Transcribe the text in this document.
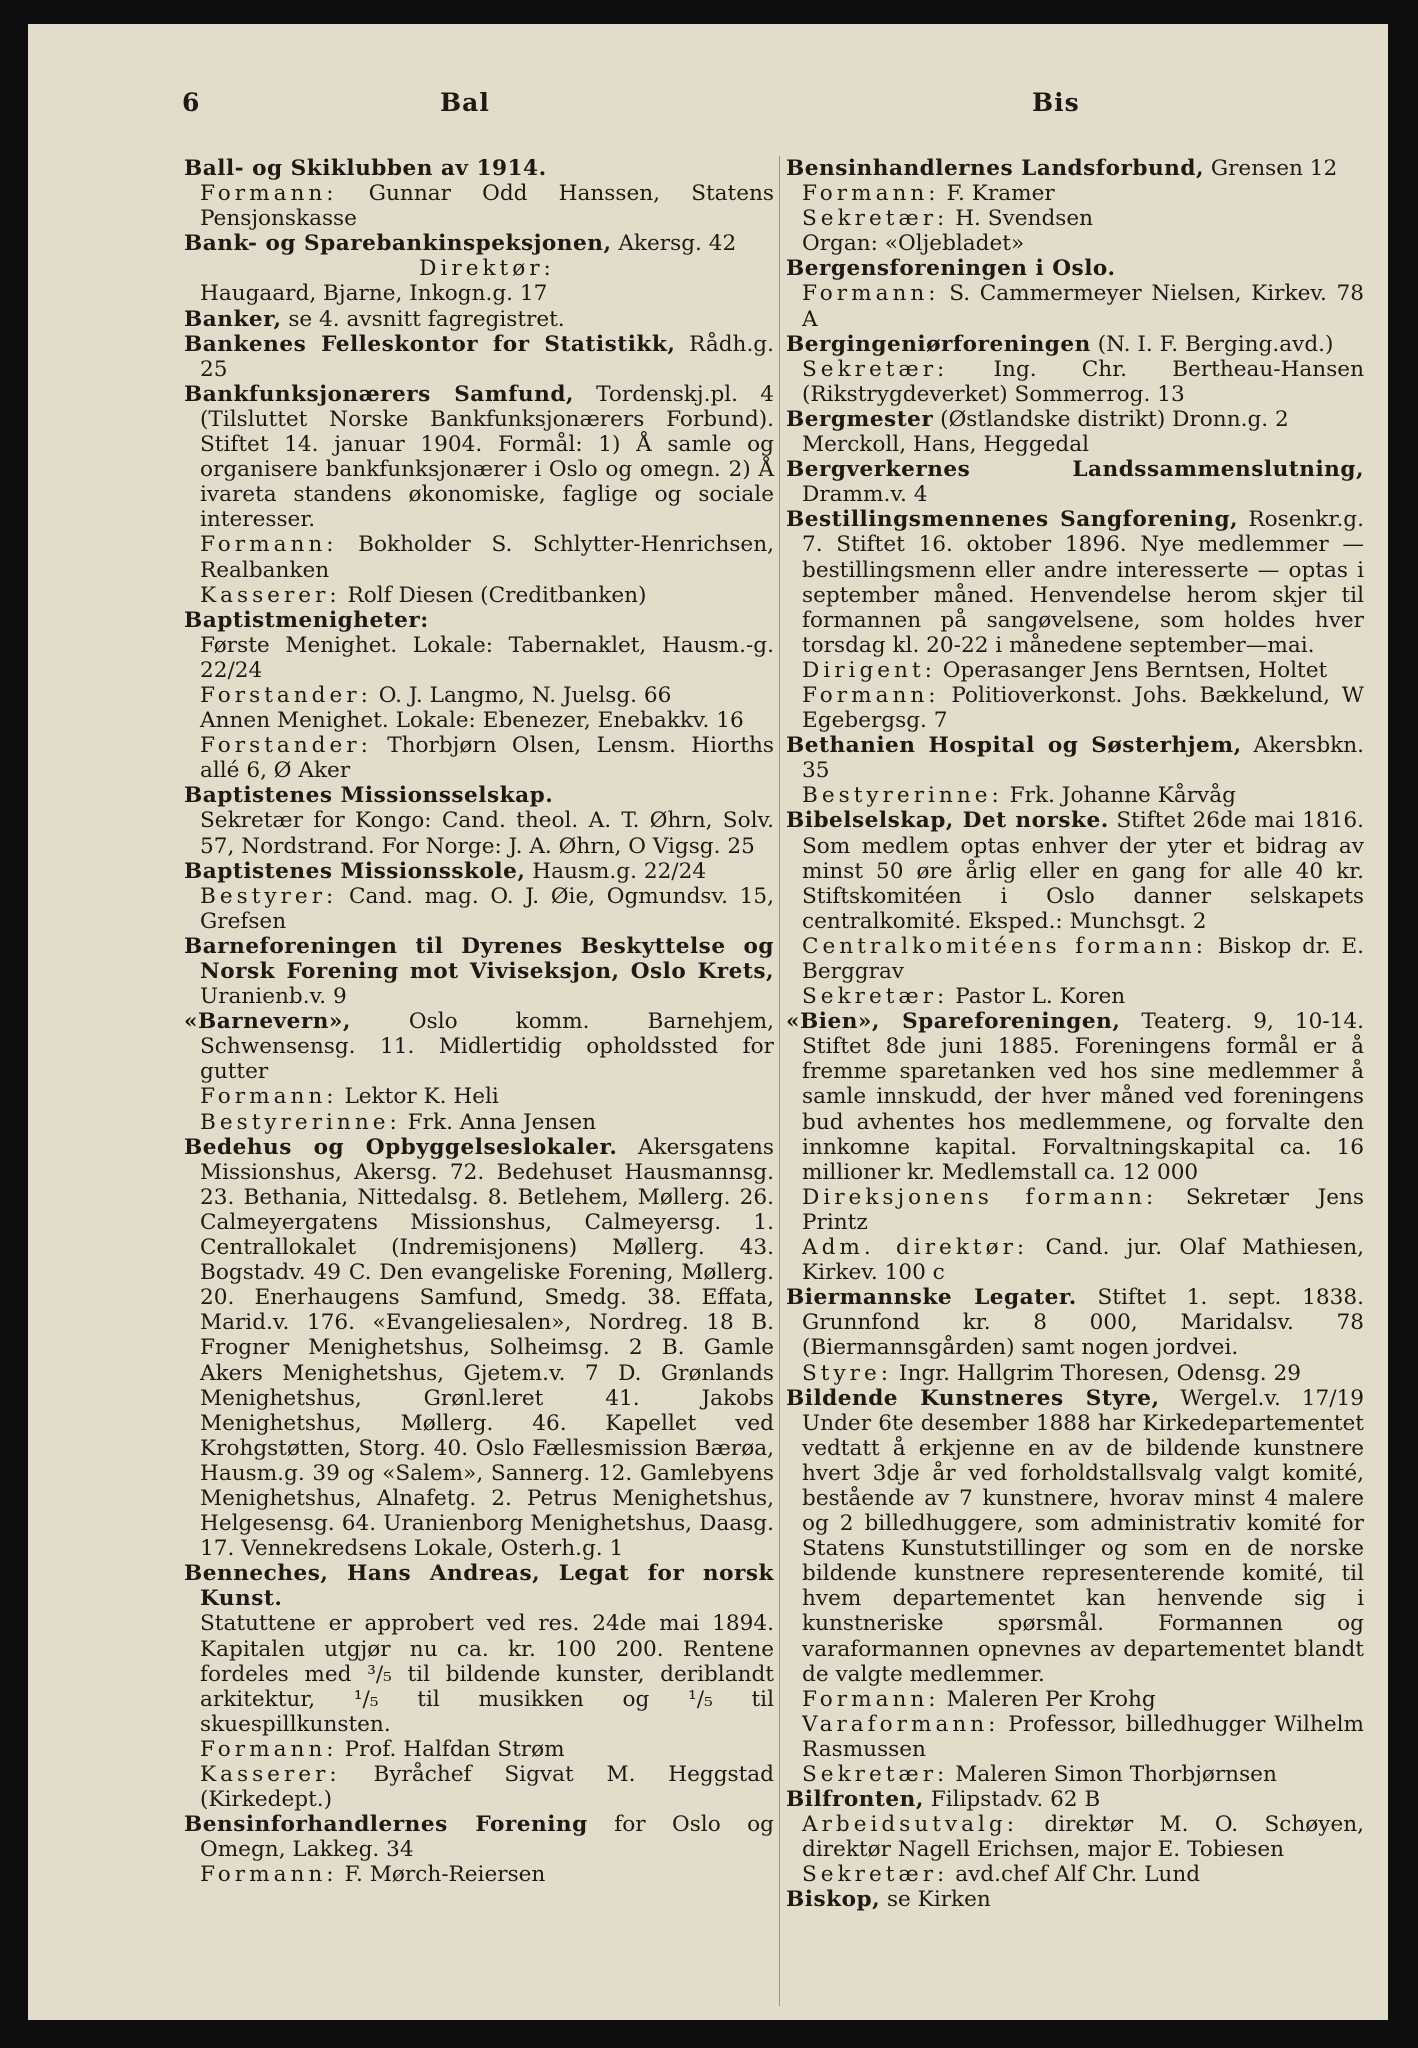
6	Bal	Bis

Ball- og Skiklubben av 1914.

Formann: Gunnar Odd Hanssen, Statens Pensjonskasse

Bank- og Sparebankinspeksjonen, Akersg. 42

Direktør:

Haugaard, Bjarne, Inkogn.g. 17

Banker, se 4. avsnitt fagregistret.

Bankenes Felleskontor for Statistikk, Rådh.g. 25

Bankfunksjonærers Samfund, Tordenskj.pl. 4 (Tilsluttet Norske Bankfunksjonærers Forbund). Stiftet 14. januar 1904. Formål: 1) Å samle og organisere bankfunksjonærer i Oslo og omegn. 2) Å ivareta standens økonomiske, faglige og sociale interesser.

Formann: Bokholder S. Schlytter-Henrichsen, Realbanken

Kasserer: Rolf Diesen (Creditbanken)

Baptistmenigheter:

Første Menighet. Lokale: Tabernaklet, Hausm.-g. 22/24

Forstander: O. J. Langmo, N. Juelsg. 66

Annen Menighet. Lokale: Ebenezer, Enebakkv. 16

Forstander: Thorbjørn Olsen, Lensm. Hiorths allé 6, Ø Aker

Baptistenes Missionsselskap.

Sekretær for Kongo: Cand. theol. A. T. Øhrn, Solv. 57, Nordstrand. For Norge: J. A. Øhrn, O Vigsg. 25

Baptistenes Missionsskole, Hausm.g. 22/24

Bestyrer: Cand. mag. O. J. Øie, Ogmundsv. 15, Grefsen

Barneforeningen til Dyrenes Beskyttelse og Norsk Forening mot Viviseksjon, Oslo Krets, Uranienb.v. 9

«Barnevern», Oslo komm. Barnehjem, Schwensensg. 11. Midlertidig opholdssted for gutter

Formann: Lektor K. Heli

Bestyrerinne: Frk. Anna Jensen

Bedehus og Opbyggelseslokaler. Akersgatens Missionshus, Akersg. 72. Bedehuset Hausmannsg. 23. Bethania, Nittedalsg. 8. Betlehem, Møllerg. 26. Calmeyergatens Missionshus, Calmeyersg. 1. Centrallokalet (Indremisjonens) Møllerg. 43. Bogstadv. 49 C. Den evangeliske Forening, Møllerg. 20. Enerhaugens Samfund, Smedg. 38. Effata, Marid.v. 176. «Evangeliesalen», Nordreg. 18 B. Frogner Menighetshus, Solheimsg. 2 B. Gamle Akers Menighetshus, Gjetem.v. 7 D. Grønlands Menighetshus, Grønl.leret 41. Jakobs Menighetshus, Møllerg. 46. Kapellet ved Krohgstøtten, Storg. 40. Oslo Fællesmission Bærøa, Hausm.g. 39 og «Salem», Sannerg. 12. Gamlebyens Menighetshus, Alnafetg. 2. Petrus Menighetshus, Helgesensg. 64. Uranienborg Menighetshus, Daasg. 17. Vennekredsens Lokale, Osterh.g. 1

Benneches, Hans Andreas, Legat for norsk Kunst.

Statuttene er approbert ved res. 24de mai 1894. Kapitalen utgjør nu ca. kr. 100 200. Rentene fordeles med ³/₅ til bildende kunster, deriblandt arkitektur, ¹/₅ til musikken og ¹/₅ til skuespillkunsten.

Formann: Prof. Halfdan Strøm

Kasserer: Byråchef Sigvat M. Heggstad (Kirkedept.)

Bensinforhandlernes Forening for Oslo og Omegn, Lakkeg. 34

Formann: F. Mørch-Reiersen

Bensinhandlernes Landsforbund, Grensen 12

Formann: F. Kramer

Sekretær: H. Svendsen

Organ: «Oljebladet»

Bergensforeningen i Oslo.

Formann: S. Cammermeyer Nielsen, Kirkev. 78 A

Bergingeniørforeningen (N. I. F. Berging.avd.)

Sekretær: Ing. Chr. Bertheau-Hansen (Rikstrygdeverket) Sommerrog. 13

Bergmester (Østlandske distrikt) Dronn.g. 2

Merckoll, Hans, Heggedal

Bergverkernes Landssammenslutning, Dramm.v. 4

Bestillingsmennenes Sangforening, Rosenkr.g. 7. Stiftet 16. oktober 1896. Nye medlemmer — bestillingsmenn eller andre interesserte — optas i september måned. Henvendelse herom skjer til formannen på sangøvelsene, som holdes hver torsdag kl. 20-22 i månedene september—mai.

Dirigent: Operasanger Jens Berntsen, Holtet

Formann: Politioverkonst. Johs. Bækkelund, W Egebergsg. 7

Bethanien Hospital og Søsterhjem, Akersbkn. 35

Bestyrerinne: Frk. Johanne Kårvåg

Bibelselskap, Det norske. Stiftet 26de mai 1816. Som medlem optas enhver der yter et bidrag av minst 50 øre årlig eller en gang for alle 40 kr. Stiftskomitéen i Oslo danner selskapets centralkomité. Eksped.: Munchsgt. 2

Centralkomitéens formann: Biskop dr. E. Berggrav

Sekretær: Pastor L. Koren

«Bien», Spareforeningen, Teaterg. 9, 10-14. Stiftet 8de juni 1885. Foreningens formål er å fremme sparetanken ved hos sine medlemmer å samle innskudd, der hver måned ved foreningens bud avhentes hos medlemmene, og forvalte den innkomne kapital. Forvaltningskapital ca. 16 millioner kr. Medlemstall ca. 12 000

Direksjonens formann: Sekretær Jens Printz

Adm. direktør: Cand. jur. Olaf Mathiesen, Kirkev. 100 c

Biermannske Legater. Stiftet 1. sept. 1838. Grunnfond kr. 8 000, Maridalsv. 78 (Biermannsgården) samt nogen jordvei.

Styre: Ingr. Hallgrim Thoresen, Odensg. 29

Bildende Kunstneres Styre, Wergel.v. 17/19 Under 6te desember 1888 har Kirkedepartementet vedtatt å erkjenne en av de bildende kunstnere hvert 3dje år ved forholdstallsvalg valgt komité, bestående av 7 kunstnere, hvorav minst 4 malere og 2 billedhuggere, som administrativ komité for Statens Kunstutstillinger og som en de norske bildende kunstnere representerende komité, til hvem departementet kan henvende sig i kunstneriske spørsmål. Formannen og varaformannen opnevnes av departementet blandt de valgte medlemmer.

Formann: Maleren Per Krohg

Varaformann: Professor, billedhugger Wilhelm Rasmussen

Sekretær: Maleren Simon Thorbjørnsen

Bilfronten, Filipstadv. 62 B

Arbeidsutvalg: direktør M. O. Schøyen, direktør Nagell Erichsen, major E. Tobiesen

Sekretær: avd.chef Alf Chr. Lund

Biskop, se Kirken
